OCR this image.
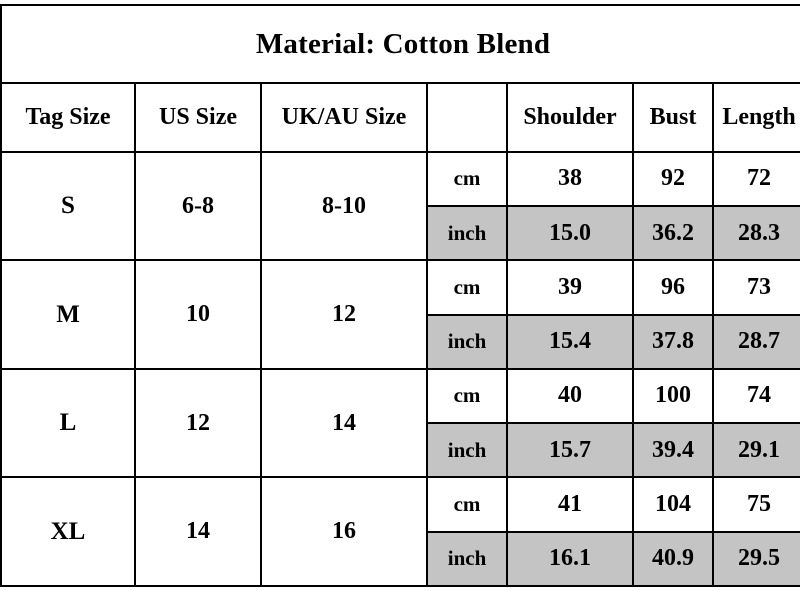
Material: Cotton Blend						
Tag Size	US Size	UK/AU Size		Shoulder	Bust	Length
S	6-8	8-10	cm	38	92	72
			inch	15.0	36.2	28.3
M	10	12	cm	39	96	73
			inch	15.4	37.8	28.7
L	12	14	cm	40	100	74
			inch	15.7	39.4	29.1
XL	14	16	cm	41	104	75
			inch	16.1	40.9	29.5
